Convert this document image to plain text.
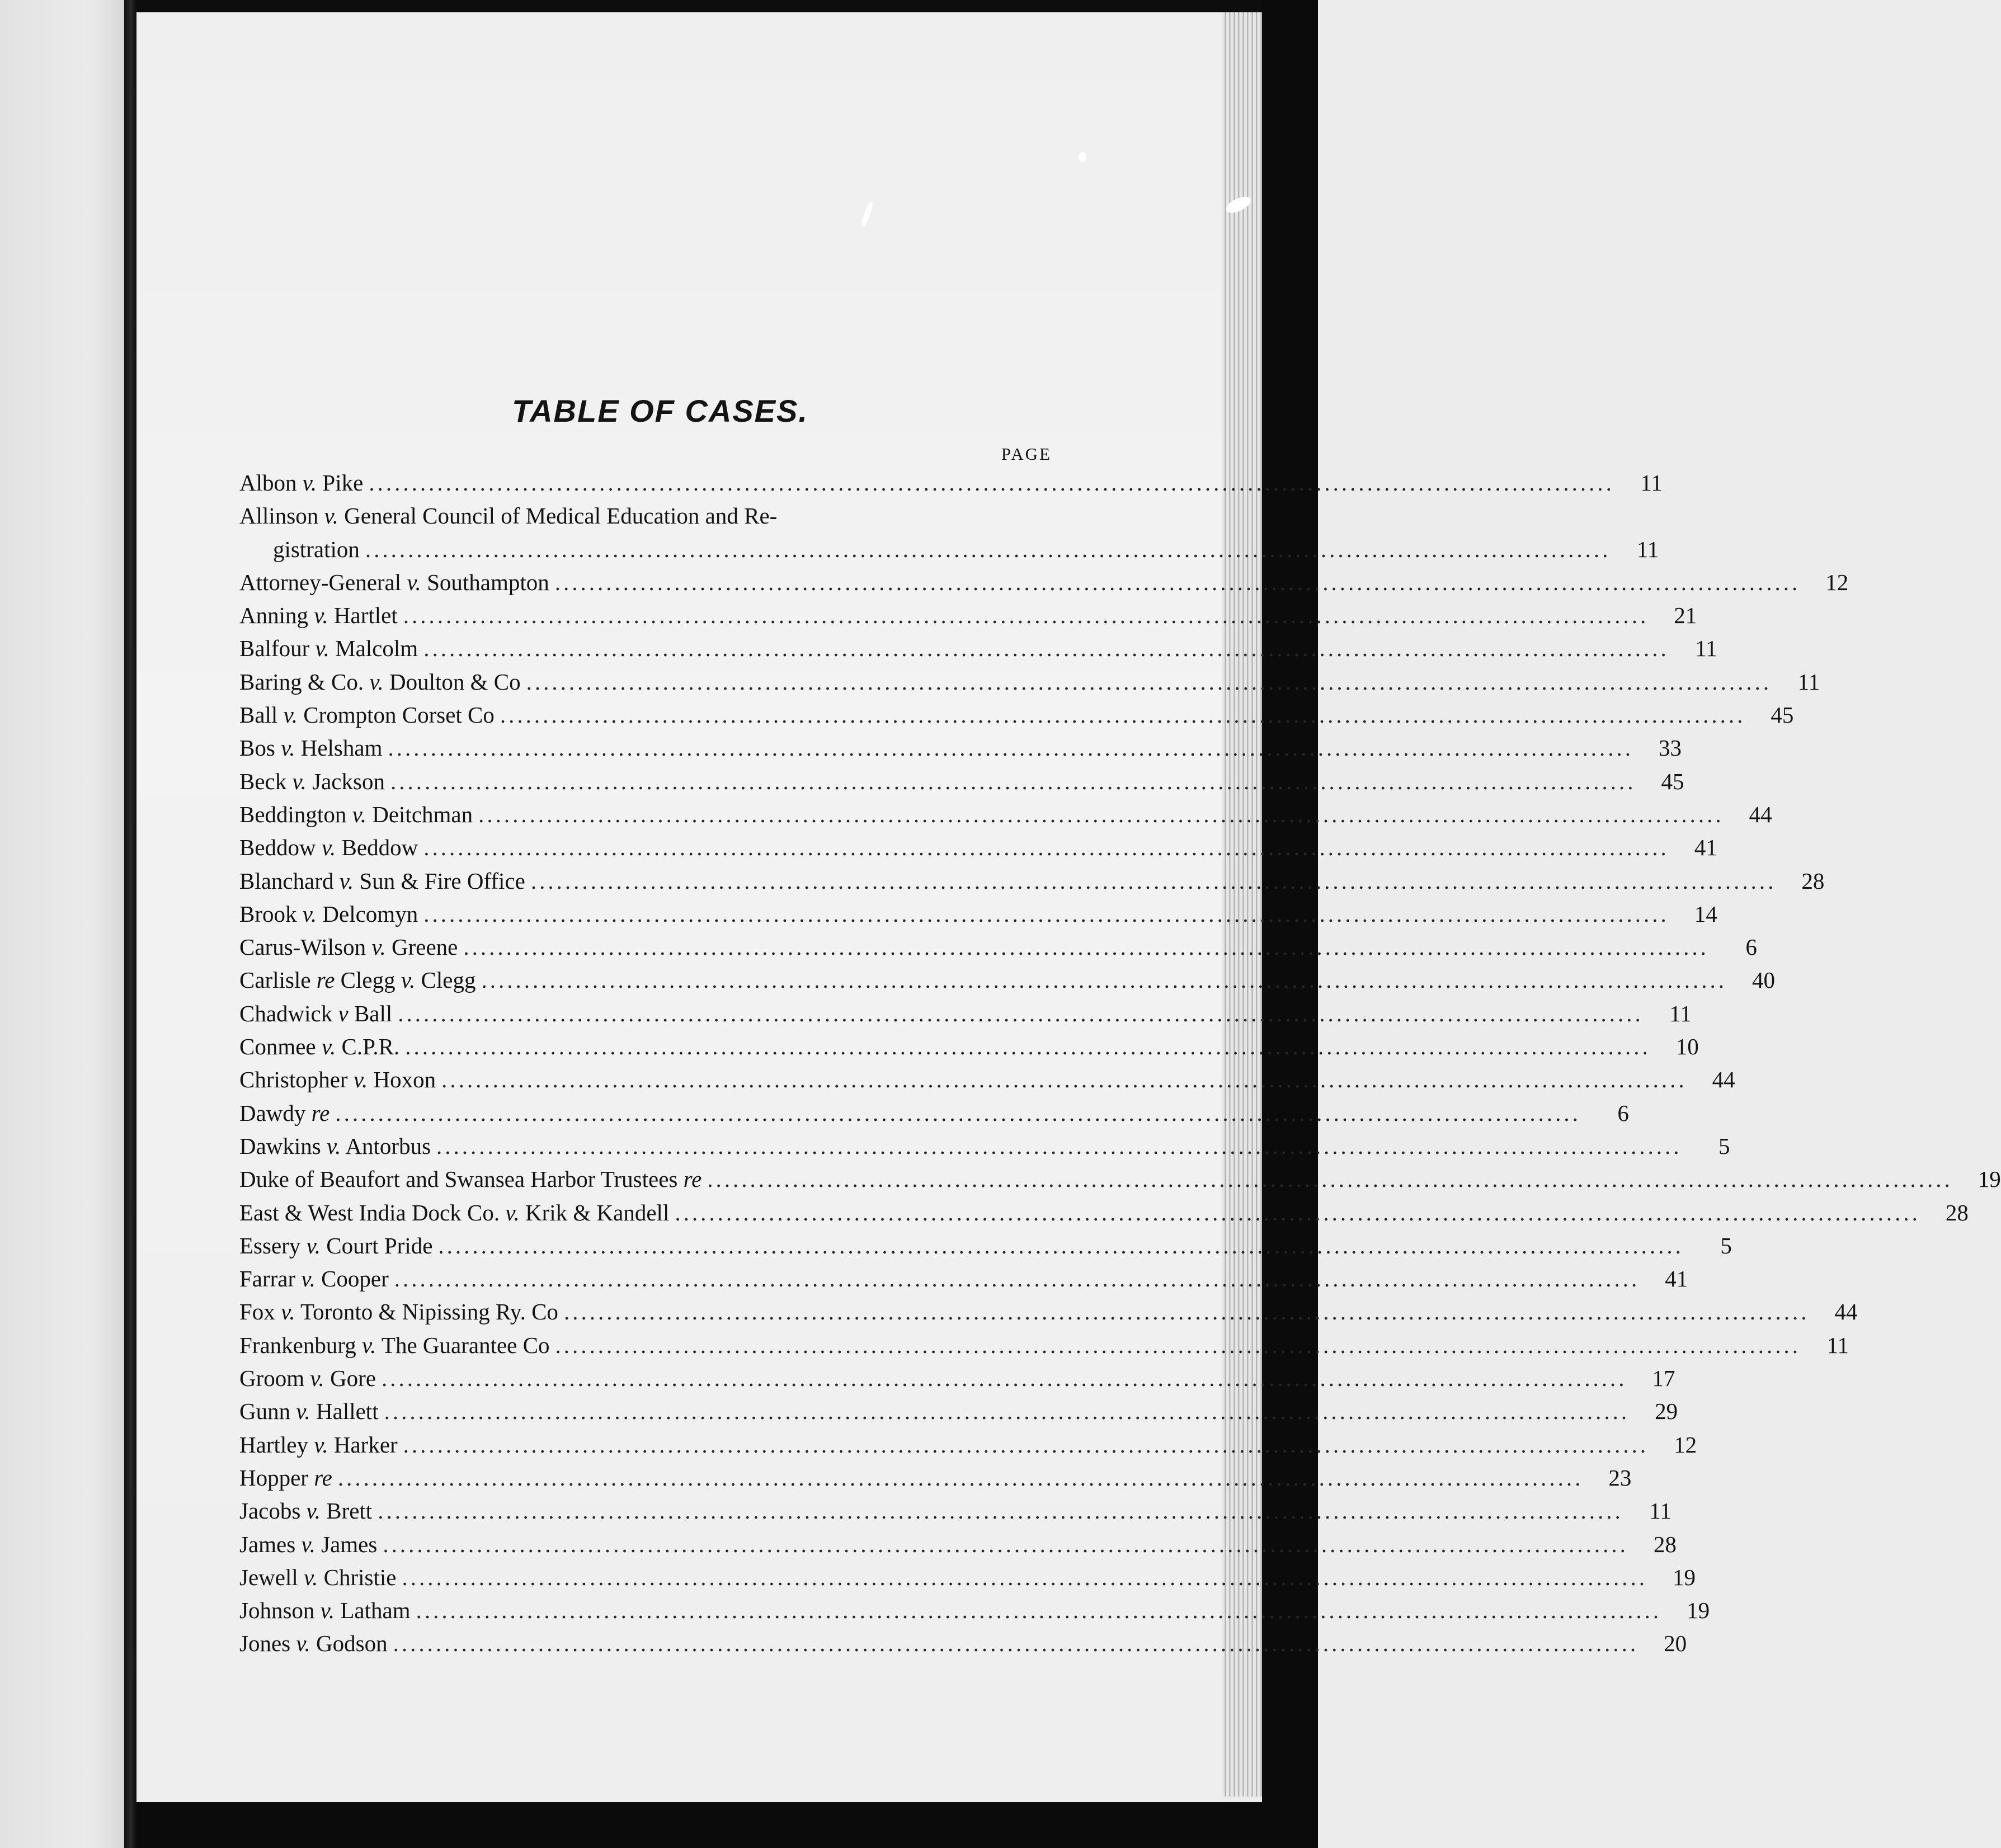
TABLE OF CASES.
PAGE
Albon v. Pike ..................................................................................................................................................	11
Allinson v. General Council of Medical Education and Re-
gistration ..................................................................................................................................................	11
Attorney-General v. Southampton ..................................................................................................................................................	12
Anning v. Hartlet ..................................................................................................................................................	21
Balfour v. Malcolm ..................................................................................................................................................	11
Baring & Co. v. Doulton & Co ..................................................................................................................................................	11
Ball v. Crompton Corset Co ..................................................................................................................................................	45
Bos v. Helsham ..................................................................................................................................................	33
Beck v. Jackson ..................................................................................................................................................	45
Beddington v. Deitchman ..................................................................................................................................................	44
Beddow v. Beddow ..................................................................................................................................................	41
Blanchard v. Sun & Fire Office ..................................................................................................................................................	28
Brook v. Delcomyn ..................................................................................................................................................	14
Carus-Wilson v. Greene ..................................................................................................................................................	6
Carlisle re Clegg v. Clegg ..................................................................................................................................................	40
Chadwick v Ball ..................................................................................................................................................	11
Conmee v. C.P.R. ..................................................................................................................................................	10
Christopher v. Hoxon ..................................................................................................................................................	44
Dawdy re ..................................................................................................................................................	6
Dawkins v. Antorbus ..................................................................................................................................................	5
Duke of Beaufort and Swansea Harbor Trustees re ..................................................................................................................................................	19
East & West India Dock Co. v. Krik & Kandell ..................................................................................................................................................	28
Essery v. Court Pride ..................................................................................................................................................	5
Farrar v. Cooper ..................................................................................................................................................	41
Fox v. Toronto & Nipissing Ry. Co ..................................................................................................................................................	44
Frankenburg v. The Guarantee Co ..................................................................................................................................................	11
Groom v. Gore ..................................................................................................................................................	17
Gunn v. Hallett ..................................................................................................................................................	29
Hartley v. Harker ..................................................................................................................................................	12
Hopper re ..................................................................................................................................................	23
Jacobs v. Brett ..................................................................................................................................................	11
James v. James ..................................................................................................................................................	28
Jewell v. Christie ..................................................................................................................................................	19
Johnson v. Latham ..................................................................................................................................................	19
Jones v. Godson ..................................................................................................................................................	20
